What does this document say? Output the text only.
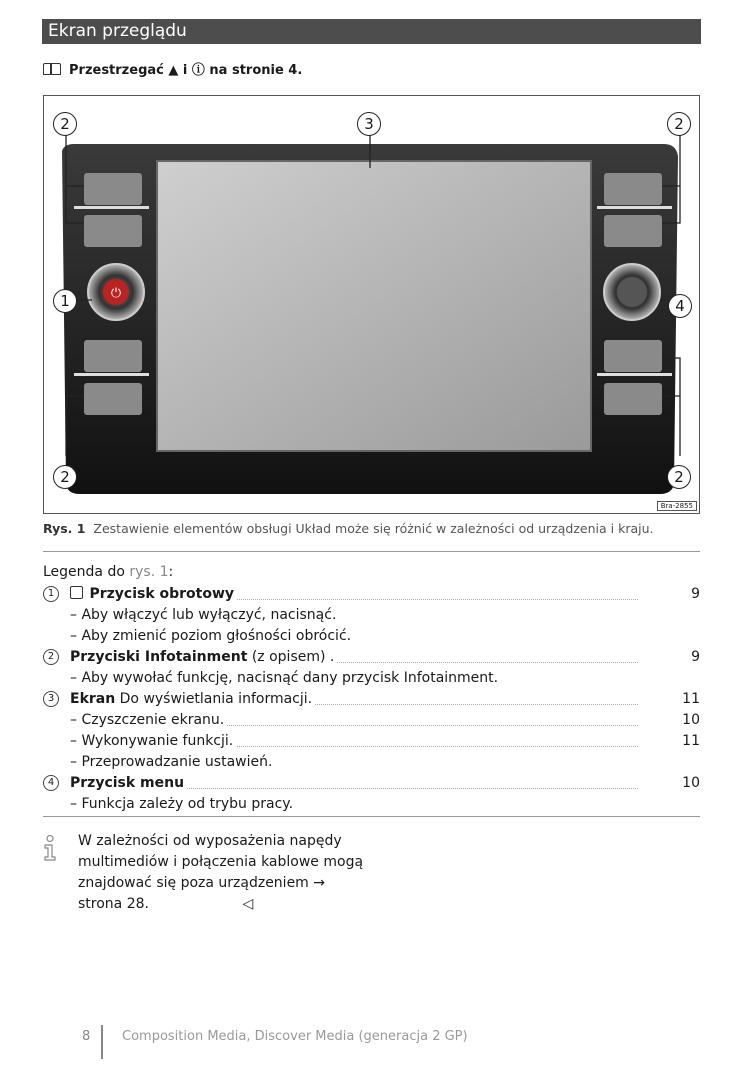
Ekran przeglądu
Przestrzegać ▲ i ⓘ na stronie 4.
⏻
2	3	2
1	4
2	2
Bra-2855
Rys. 1 Zestawienie elementów obsługi Układ może się różnić w zależności od urządzenia i kraju.
Legenda do rys. 1:
1	Przycisk obrotowy	9
– Aby włączyć lub wyłączyć, nacisnąć.
– Aby zmienić poziom głośności obrócić.
2	Przyciski Infotainment (z opisem) .	9
– Aby wywołać funkcję, nacisnąć dany przycisk Infotainment.
3	Ekran Do wyświetlania informacji.	11
– Czyszczenie ekranu.	10
– Wykonywanie funkcji.	11
– Przeprowadzanie ustawień.
4	Przycisk menu	10
– Funkcja zależy od trybu pracy.
W zależności od wyposażenia napędy multimediów i połączenia kablowe mogą znajdować się poza urządzeniem → strona 28.	◁
8 Composition Media, Discover Media (generacja 2 GP)
